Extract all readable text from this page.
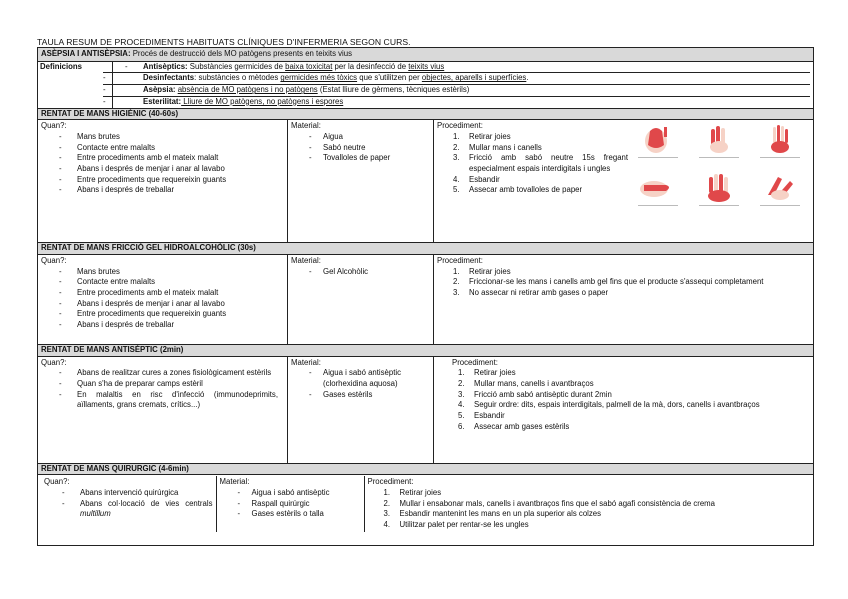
TAULA RESUM DE PROCEDIMENTS HABITUATS CLÍNIQUES D'INFERMERIA SEGON CURS.
ASÈPSIA I ANTISÈPSIA: Procés de destrucció dels MO patògens presents en teixits vius

Definicions
-	Antisèptics: Substàncies germicides de baixa toxicitat per la desinfecció de teixits vius
- Desinfectants: substàncies o mètodes germicides més tòxics que s'utilitzen per objectes, aparells i superfícies.
- Asèpsia: absència de MO patògens i no patògens (Estat lliure de gèrmens, tècniques estèrils)
- Esterilitat: Lliure de MO patògens, no patògens i espores

RENTAT DE MANS HIGIÈNIC (40-60s)

Quan?:
- Mans brutes
- Contacte entre malalts
- Entre procediments amb el mateix malalt
- Abans i després de menjar i anar al lavabo
- Entre procediments que requereixin guants
- Abans i després de treballar

Material:
- Aigua
- Sabó neutre
- Tovalloles de paper

Procediment:
1. Retirar joies
2. Mullar mans i canells
3. Fricció amb sabó neutre 15s fregant especialment espais interdigitals i ungles
4. Esbandir
5. Assecar amb tovalloles de paper

RENTAT DE MANS FRICCIÓ GEL HIDROALCOHÒLIC (30s)

Quan?:
- Mans brutes
- Contacte entre malalts
- Entre procediments amb el mateix malalt
- Abans i després de menjar i anar al lavabo
- Entre procediments que requereixin guants
- Abans i després de treballar

Material:
- Gel Alcohòlic

Procediment:
1. Retirar joies
2. Friccionar-se les mans i canells amb gel fins que el producte s'assequi completament
3. No assecar ni retirar amb gases o paper

RENTAT DE MANS ANTISÈPTIC (2min)

Quan?:
- Abans de realitzar cures a zones fisiològicament estèrils
- Quan s'ha de preparar camps estèril
- En malaltis en risc d'infecció (immunodeprimits, aïllaments, grans cremats, crítics...)

Material:
- Aigua i sabó antisèptic (clorhexidina aquosa)
- Gases estèrils

Procediment:
1. Retirar joies
2. Mullar mans, canells i avantbraços
3. Fricció amb sabó antisèptic durant 2min
4. Seguir ordre: dits, espais interdigitals, palmell de la mà, dors, canells i avantbraços
5. Esbandir
6. Assecar amb gases estèrils

RENTAT DE MANS QUIRURGIC (4-6min)

Quan?:
- Abans intervenció quirúrgica
- Abans col·locació de vies centrals multillum

Material:
- Aigua i sabó antisèptic
- Raspall quirúrgic
- Gases estèrils o talla

Procediment:
1. Retirar joies
2. Mullar i ensabonar mals, canells i avantbraços fins que el sabó agafi consistència de crema
3. Esbandir mantenint les mans en un pla superior als colzes
4. Utilitzar palet per rentar-se les ungles
